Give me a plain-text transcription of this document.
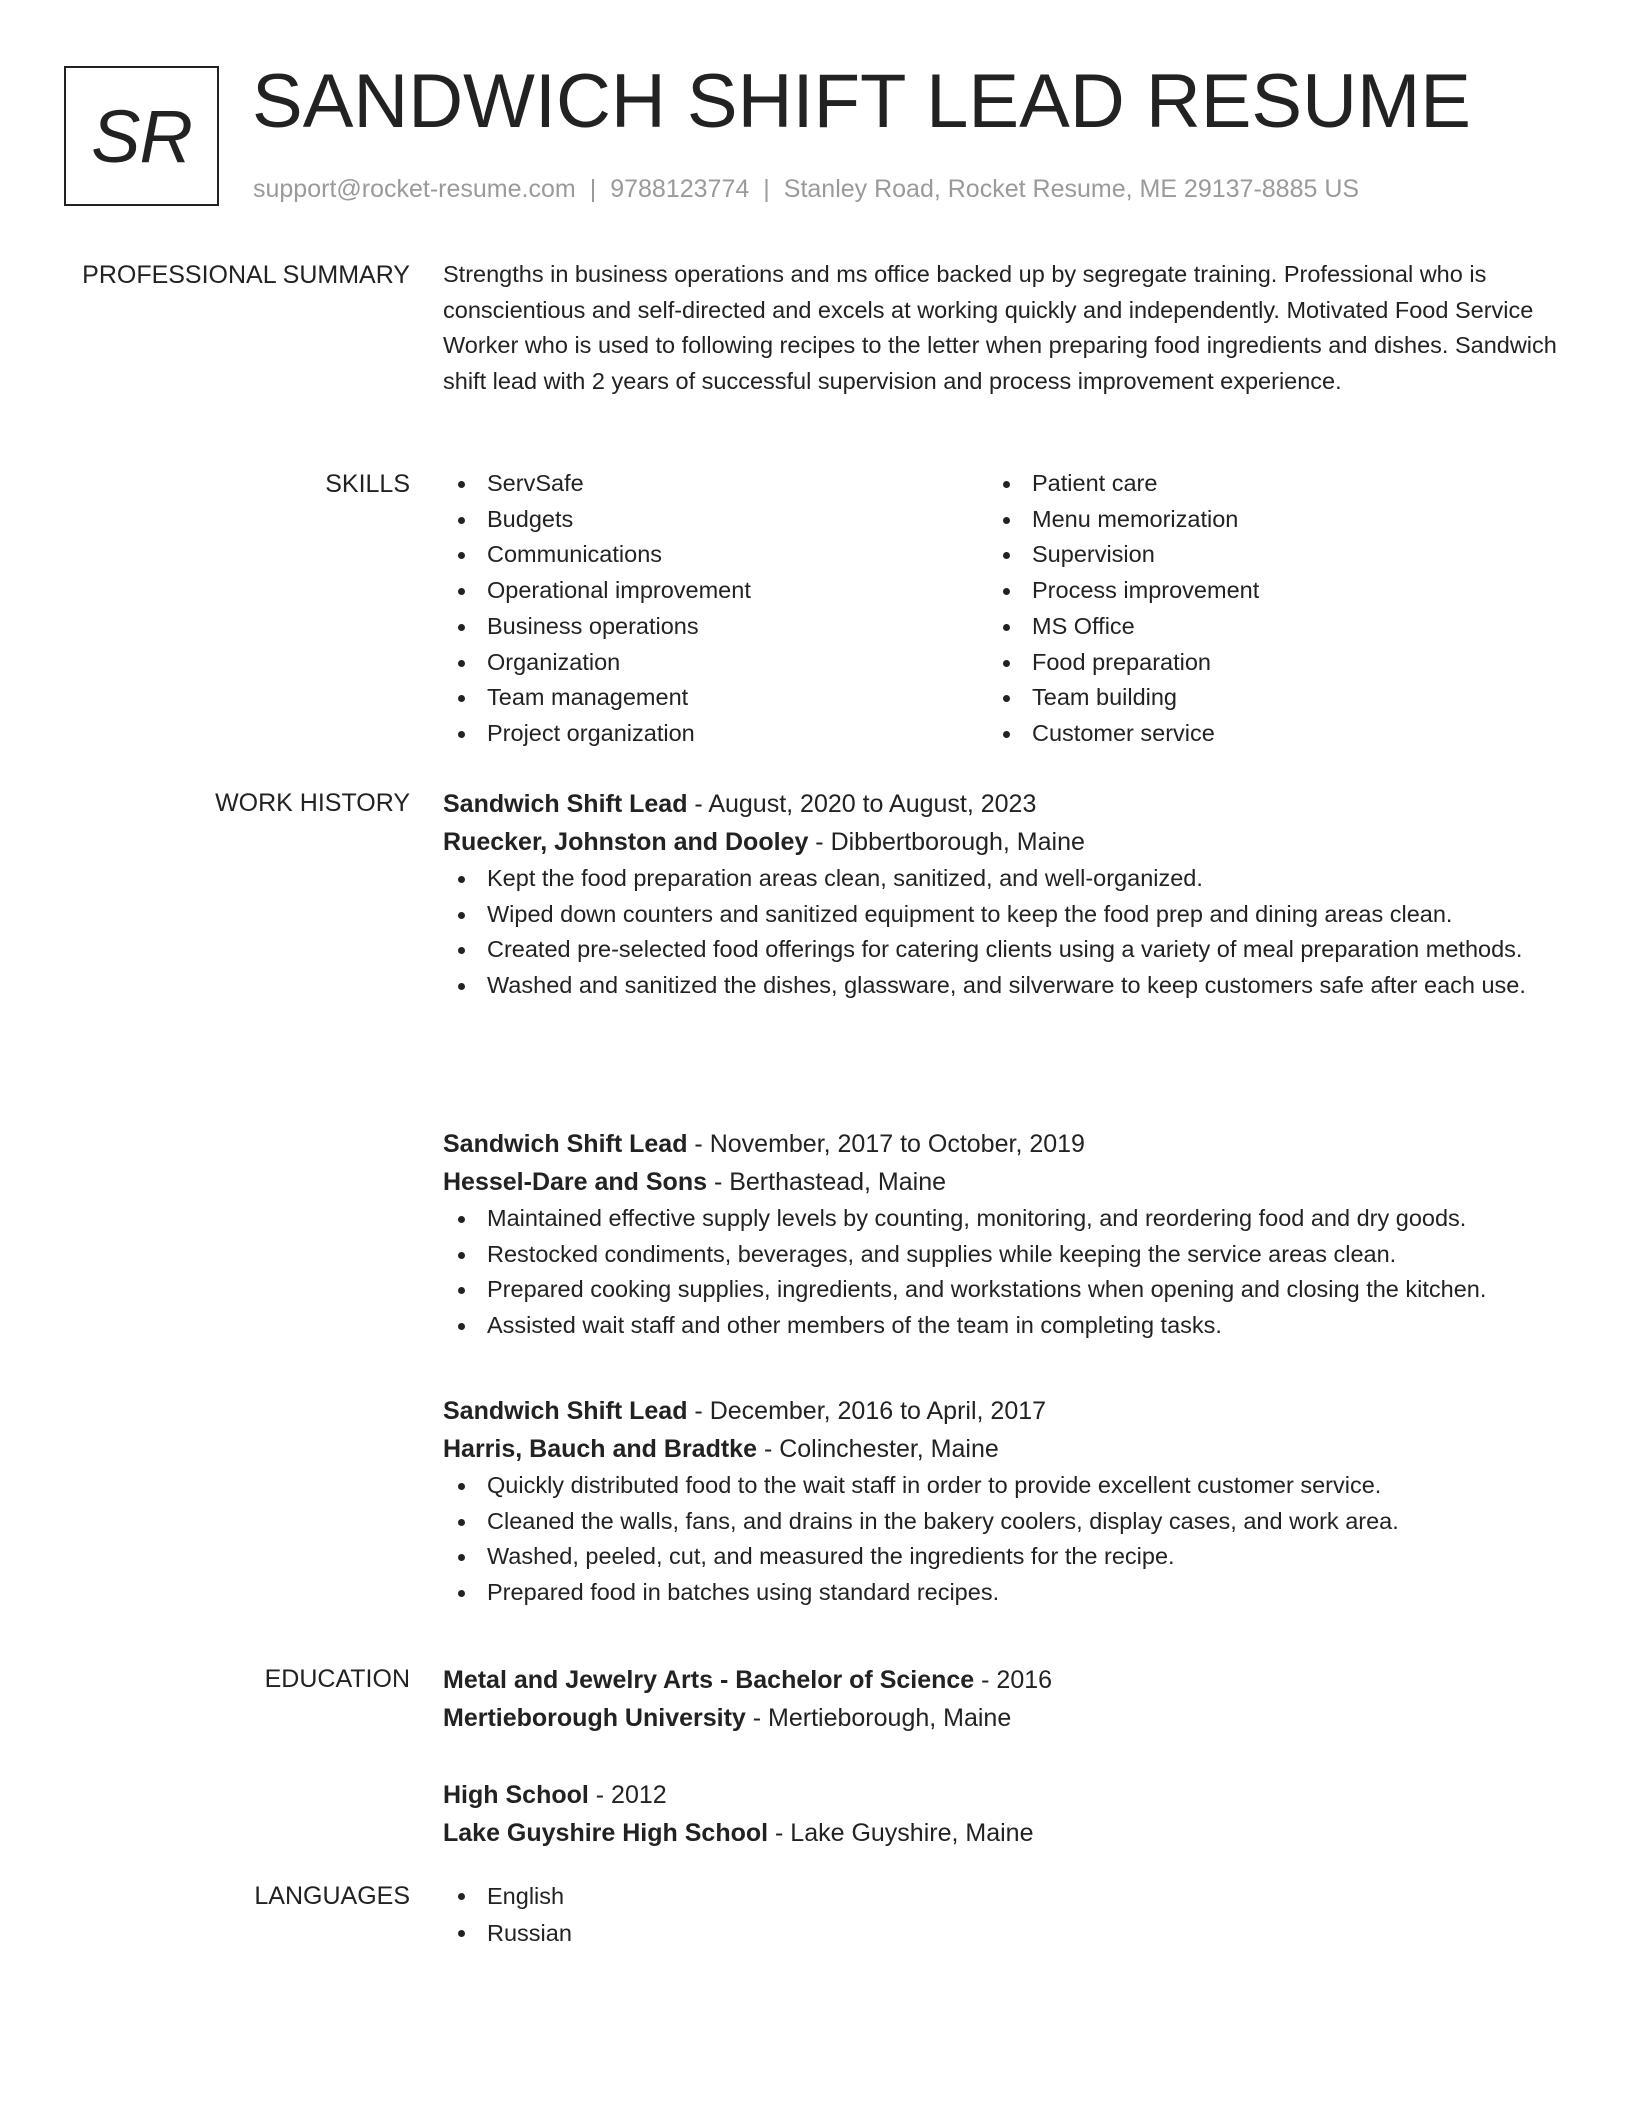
SR SANDWICH SHIFT LEAD RESUME
support@rocket-resume.com | 9788123774 | Stanley Road, Rocket Resume, ME 29137-8885 US
PROFESSIONAL SUMMARY Strengths in business operations and ms office backed up by segregate training. Professional who is conscientious and self-directed and excels at working quickly and independently. Motivated Food Service Worker who is used to following recipes to the letter when preparing food ingredients and dishes. Sandwich shift lead with 2 years of successful supervision and process improvement experience.

SKILLS	ServSafe
Budgets
Communications
Operational improvement
Business operations
Organization
Team management
Project organization
Patient care
Menu memorization
Supervision
Process improvement
MS Office
Food preparation
Team building
Customer service
WORK HISTORY Sandwich Shift Lead - August, 2020 to August, 2023
Ruecker, Johnston and Dooley - Dibbertborough, Maine
Kept the food preparation areas clean, sanitized, and well-organized.
Wiped down counters and sanitized equipment to keep the food prep and dining areas clean.
Created pre-selected food offerings for catering clients using a variety of meal preparation methods.
Washed and sanitized the dishes, glassware, and silverware to keep customers safe after each use.
Sandwich Shift Lead - November, 2017 to October, 2019
Hessel-Dare and Sons - Berthastead, Maine
Maintained effective supply levels by counting, monitoring, and reordering food and dry goods.
Restocked condiments, beverages, and supplies while keeping the service areas clean.
Prepared cooking supplies, ingredients, and workstations when opening and closing the kitchen.
Assisted wait staff and other members of the team in completing tasks.
Sandwich Shift Lead - December, 2016 to April, 2017
Harris, Bauch and Bradtke - Colinchester, Maine
Quickly distributed food to the wait staff in order to provide excellent customer service.
Cleaned the walls, fans, and drains in the bakery coolers, display cases, and work area.
Washed, peeled, cut, and measured the ingredients for the recipe.
Prepared food in batches using standard recipes.
EDUCATION Metal and Jewelry Arts - Bachelor of Science - 2016
Mertieborough University - Mertieborough, Maine
High School - 2012
Lake Guyshire High School - Lake Guyshire, Maine
LANGUAGES	English
Russian
